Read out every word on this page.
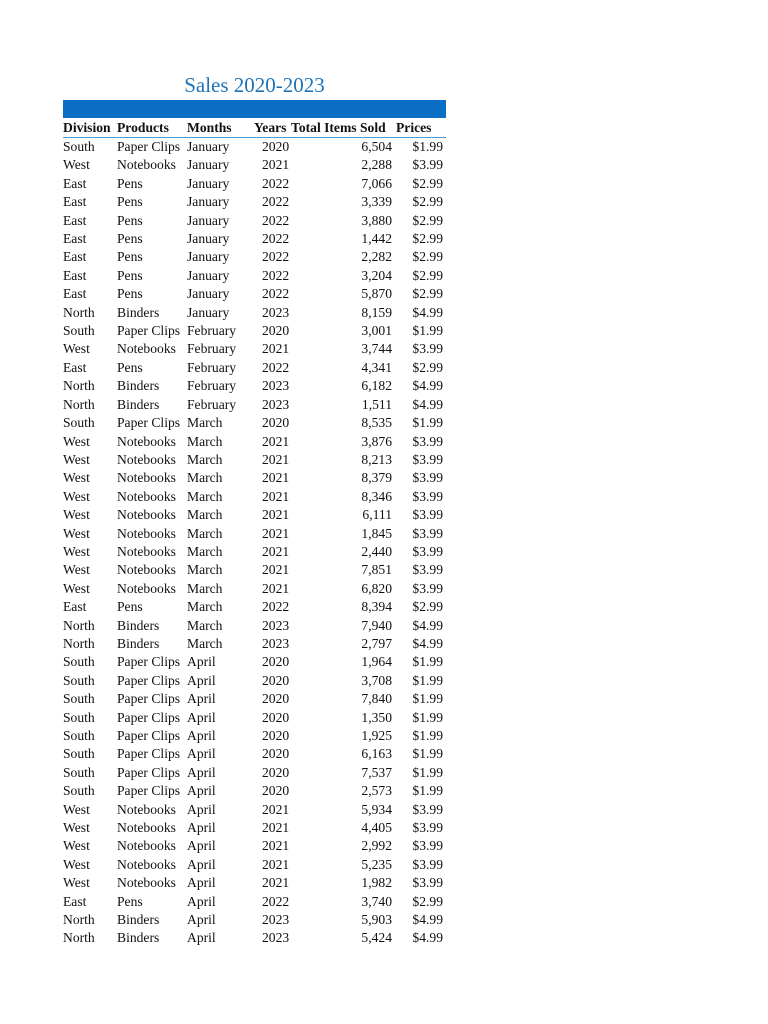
Sales 2020-2023
Division	Products	Months	Years	Total Items Sold	Prices
South	Paper Clips	January	2020	6,504	$1.99
West	Notebooks	January	2021	2,288	$3.99
East	Pens	January	2022	7,066	$2.99
East	Pens	January	2022	3,339	$2.99
East	Pens	January	2022	3,880	$2.99
East	Pens	January	2022	1,442	$2.99
East	Pens	January	2022	2,282	$2.99
East	Pens	January	2022	3,204	$2.99
East	Pens	January	2022	5,870	$2.99
North	Binders	January	2023	8,159	$4.99
South	Paper Clips	February	2020	3,001	$1.99
West	Notebooks	February	2021	3,744	$3.99
East	Pens	February	2022	4,341	$2.99
North	Binders	February	2023	6,182	$4.99
North	Binders	February	2023	1,511	$4.99
South	Paper Clips	March	2020	8,535	$1.99
West	Notebooks	March	2021	3,876	$3.99
West	Notebooks	March	2021	8,213	$3.99
West	Notebooks	March	2021	8,379	$3.99
West	Notebooks	March	2021	8,346	$3.99
West	Notebooks	March	2021	6,111	$3.99
West	Notebooks	March	2021	1,845	$3.99
West	Notebooks	March	2021	2,440	$3.99
West	Notebooks	March	2021	7,851	$3.99
West	Notebooks	March	2021	6,820	$3.99
East	Pens	March	2022	8,394	$2.99
North	Binders	March	2023	7,940	$4.99
North	Binders	March	2023	2,797	$4.99
South	Paper Clips	April	2020	1,964	$1.99
South	Paper Clips	April	2020	3,708	$1.99
South	Paper Clips	April	2020	7,840	$1.99
South	Paper Clips	April	2020	1,350	$1.99
South	Paper Clips	April	2020	1,925	$1.99
South	Paper Clips	April	2020	6,163	$1.99
South	Paper Clips	April	2020	7,537	$1.99
South	Paper Clips	April	2020	2,573	$1.99
West	Notebooks	April	2021	5,934	$3.99
West	Notebooks	April	2021	4,405	$3.99
West	Notebooks	April	2021	2,992	$3.99
West	Notebooks	April	2021	5,235	$3.99
West	Notebooks	April	2021	1,982	$3.99
East	Pens	April	2022	3,740	$2.99
North	Binders	April	2023	5,903	$4.99
North	Binders	April	2023	5,424	$4.99
